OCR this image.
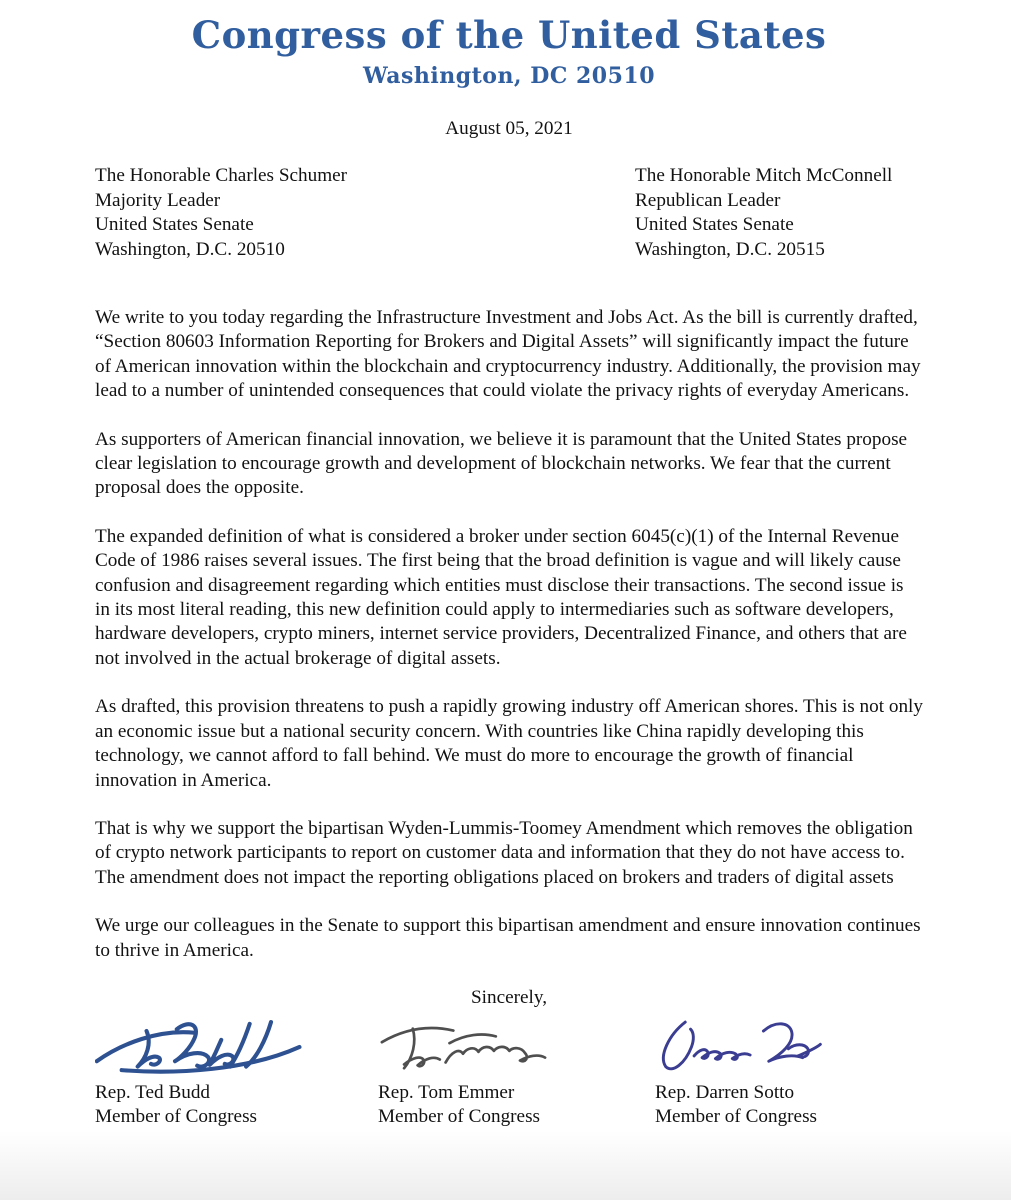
Congress of the United States
Washington, DC 20510
August 05, 2021
The Honorable Charles Schumer
Majority Leader
United States Senate
Washington, D.C. 20510
The Honorable Mitch McConnell
Republican Leader
United States Senate
Washington, D.C. 20515

We write to you today regarding the Infrastructure Investment and Jobs Act. As the bill is currently drafted, “Section 80603 Information Reporting for Brokers and Digital Assets” will significantly impact the future of American innovation within the blockchain and cryptocurrency industry. Additionally, the provision may lead to a number of unintended consequences that could violate the privacy rights of everyday Americans.

As supporters of American financial innovation, we believe it is paramount that the United States propose clear legislation to encourage growth and development of blockchain networks. We fear that the current proposal does the opposite.

The expanded definition of what is considered a broker under section 6045(c)(1) of the Internal Revenue Code of 1986 raises several issues. The first being that the broad definition is vague and will likely cause confusion and disagreement regarding which entities must disclose their transactions. The second issue is in its most literal reading, this new definition could apply to intermediaries such as software developers, hardware developers, crypto miners, internet service providers, Decentralized Finance, and others that are not involved in the actual brokerage of digital assets.

As drafted, this provision threatens to push a rapidly growing industry off American shores. This is not only an economic issue but a national security concern. With countries like China rapidly developing this technology, we cannot afford to fall behind. We must do more to encourage the growth of financial innovation in America.

That is why we support the bipartisan Wyden-Lummis-Toomey Amendment which removes the obligation of crypto network participants to report on customer data and information that they do not have access to. The amendment does not impact the reporting obligations placed on brokers and traders of digital assets

We urge our colleagues in the Senate to support this bipartisan amendment and ensure innovation continues to thrive in America.

Sincerely,
Rep. Ted Budd
Member of Congress
Rep. Tom Emmer
Member of Congress
Rep. Darren Sotto
Member of Congress
